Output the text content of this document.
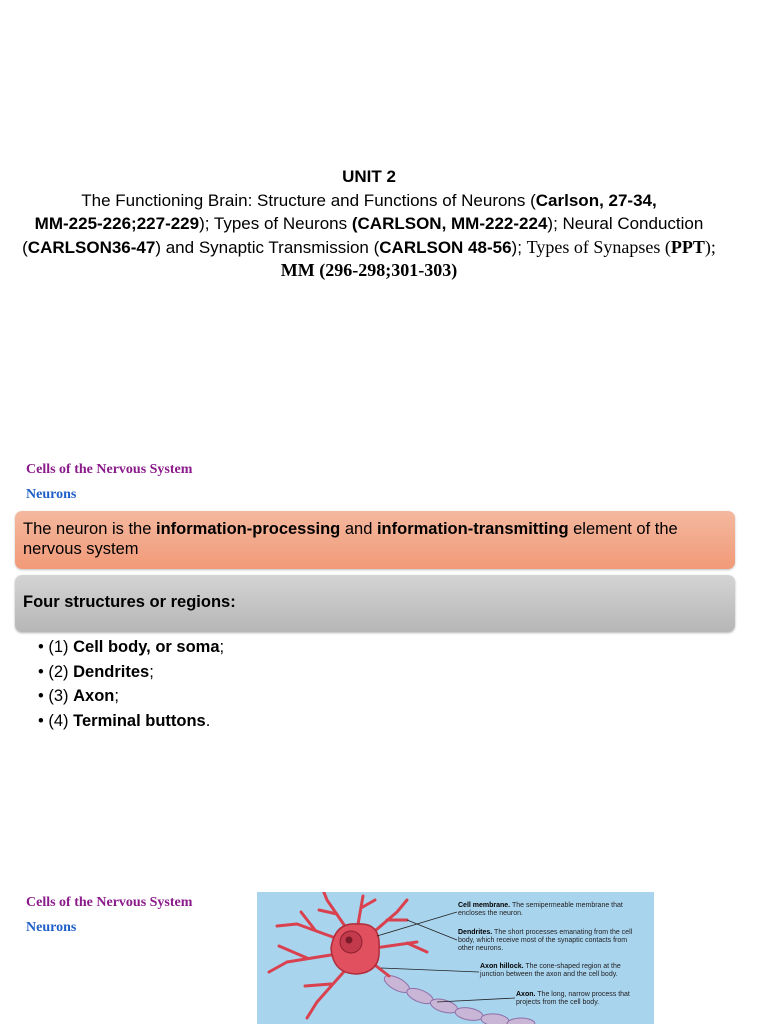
UNIT 2
The Functioning Brain: Structure and Functions of Neurons (Carlson, 27-34,
MM-225-226;227-229); Types of Neurons (CARLSON, MM-222-224); Neural Conduction
(CARLSON36-47) and Synaptic Transmission (CARLSON 48-56); Types of Synapses (PPT);
MM (296-298;301-303)
Cells of the Nervous System
Neurons
The neuron is the information-processing and information-transmitting element of the nervous system
Four structures or regions:
• (1) Cell body, or soma;
• (2) Dendrites;
• (3) Axon;
• (4) Terminal buttons.
Cells of the Nervous System
Neurons
Cell membrane. The semipermeable membrane that encloses the neuron.
Dendrites. The short processes emanating from the cell body, which receive most of the synaptic contacts from other neurons.
Axon hillock. The cone-shaped region at the junction between the axon and the cell body.
Axon. The long, narrow process that projects from the cell body.
